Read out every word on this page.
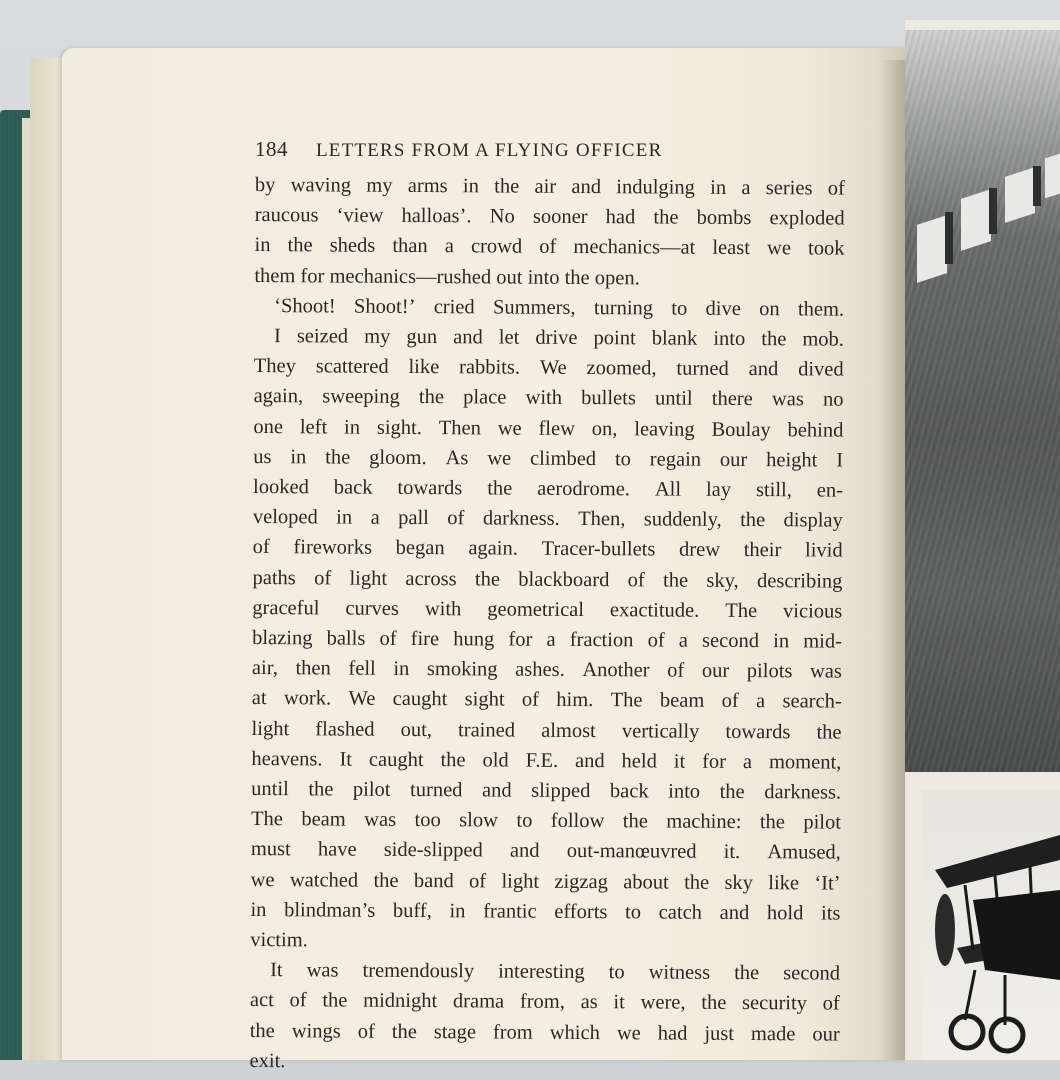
184 LETTERS FROM A FLYING OFFICER
by waving my arms in the air and indulging in a series of
raucous ‘view halloas’. No sooner had the bombs exploded
in the sheds than a crowd of mechanics—at least we took
them for mechanics—rushed out into the open.
‘Shoot! Shoot!’ cried Summers, turning to dive on them.
I seized my gun and let drive point blank into the mob.
They scattered like rabbits. We zoomed, turned and dived
again, sweeping the place with bullets until there was no
one left in sight. Then we flew on, leaving Boulay behind
us in the gloom. As we climbed to regain our height I
looked back towards the aerodrome. All lay still, en-
veloped in a pall of darkness. Then, suddenly, the display
of fireworks began again. Tracer-bullets drew their livid
paths of light across the blackboard of the sky, describing
graceful curves with geometrical exactitude. The vicious
blazing balls of fire hung for a fraction of a second in mid-
air, then fell in smoking ashes. Another of our pilots was
at work. We caught sight of him. The beam of a search-
light flashed out, trained almost vertically towards the
heavens. It caught the old F.E. and held it for a moment,
until the pilot turned and slipped back into the darkness.
The beam was too slow to follow the machine: the pilot
must have side-slipped and out-manœuvred it. Amused,
we watched the band of light zigzag about the sky like ‘It’
in blindman’s buff, in frantic efforts to catch and hold its
victim.
It was tremendously interesting to witness the second
act of the midnight drama from, as it were, the security of
the wings of the stage from which we had just made our
exit.
